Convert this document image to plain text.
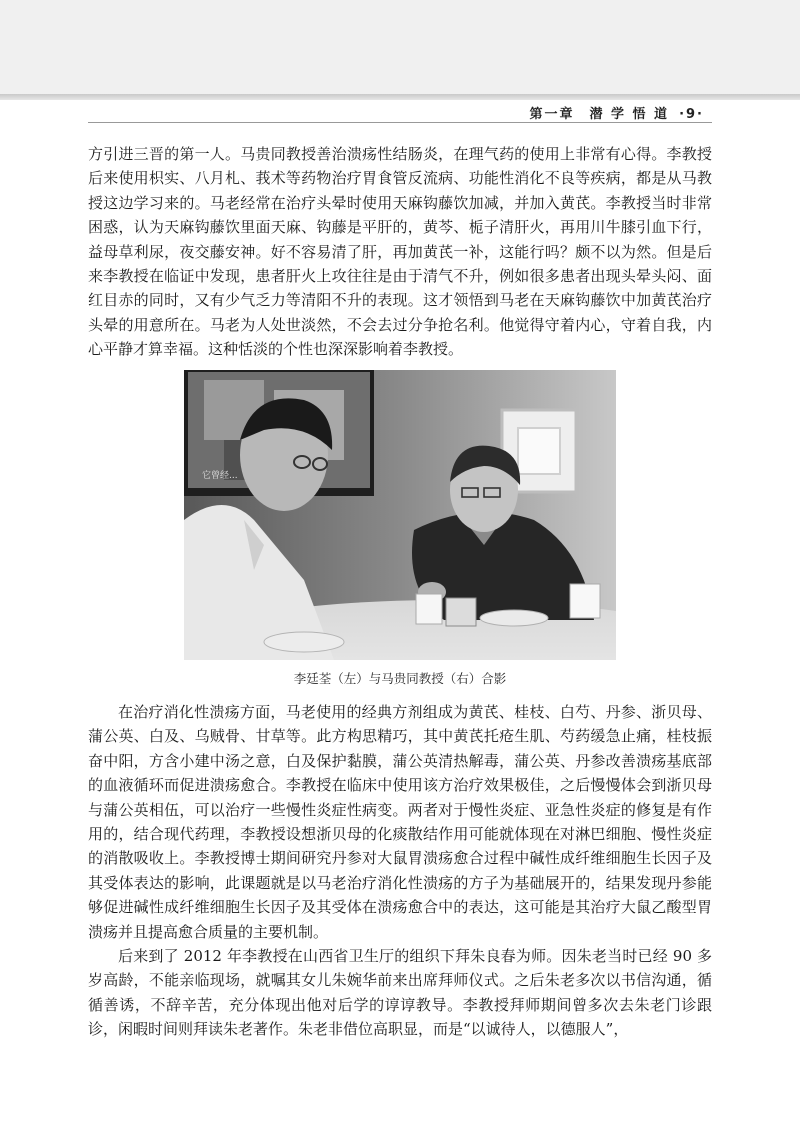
第一章　潜 学 悟 道 ·9·

方引进三晋的第一人。马贵同教授善治溃疡性结肠炎，在理气药的使用上非常有心得。李教授后来使用枳实、八月札、莪术等药物治疗胃食管反流病、功能性消化不良等疾病，都是从马教授这边学习来的。马老经常在治疗头晕时使用天麻钩藤饮加减，并加入黄芪。李教授当时非常困惑，认为天麻钩藤饮里面天麻、钩藤是平肝的，黄芩、栀子清肝火，再用川牛膝引血下行，益母草利尿，夜交藤安神。好不容易清了肝，再加黄芪一补，这能行吗？颇不以为然。但是后来李教授在临证中发现，患者肝火上攻往往是由于清气不升，例如很多患者出现头晕头闷、面红目赤的同时，又有少气乏力等清阳不升的表现。这才领悟到马老在天麻钩藤饮中加黄芪治疗头晕的用意所在。马老为人处世淡然，不会去过分争抢名利。他觉得守着内心，守着自我，内心平静才算幸福。这种恬淡的个性也深深影响着李教授。

它曾经...
李廷荃（左）与马贵同教授（右）合影

在治疗消化性溃疡方面，马老使用的经典方剂组成为黄芪、桂枝、白芍、丹参、浙贝母、蒲公英、白及、乌贼骨、甘草等。此方构思精巧，其中黄芪托疮生肌、芍药缓急止痛，桂枝振奋中阳，方含小建中汤之意，白及保护黏膜，蒲公英清热解毒，蒲公英、丹参改善溃疡基底部的血液循环而促进溃疡愈合。李教授在临床中使用该方治疗效果极佳，之后慢慢体会到浙贝母与蒲公英相伍，可以治疗一些慢性炎症性病变。两者对于慢性炎症、亚急性炎症的修复是有作用的，结合现代药理，李教授设想浙贝母的化痰散结作用可能就体现在对淋巴细胞、慢性炎症的消散吸收上。李教授博士期间研究丹参对大鼠胃溃疡愈合过程中碱性成纤维细胞生长因子及其受体表达的影响，此课题就是以马老治疗消化性溃疡的方子为基础展开的，结果发现丹参能够促进碱性成纤维细胞生长因子及其受体在溃疡愈合中的表达，这可能是其治疗大鼠乙酸型胃溃疡并且提高愈合质量的主要机制。

后来到了 2012 年李教授在山西省卫生厅的组织下拜朱良春为师。因朱老当时已经 90 多岁高龄，不能亲临现场，就嘱其女儿朱婉华前来出席拜师仪式。之后朱老多次以书信沟通，循循善诱，不辞辛苦，充分体现出他对后学的谆谆教导。李教授拜师期间曾多次去朱老门诊跟诊，闲暇时间则拜读朱老著作。朱老非借位高职显，而是“以诚待人，以德服人”，
